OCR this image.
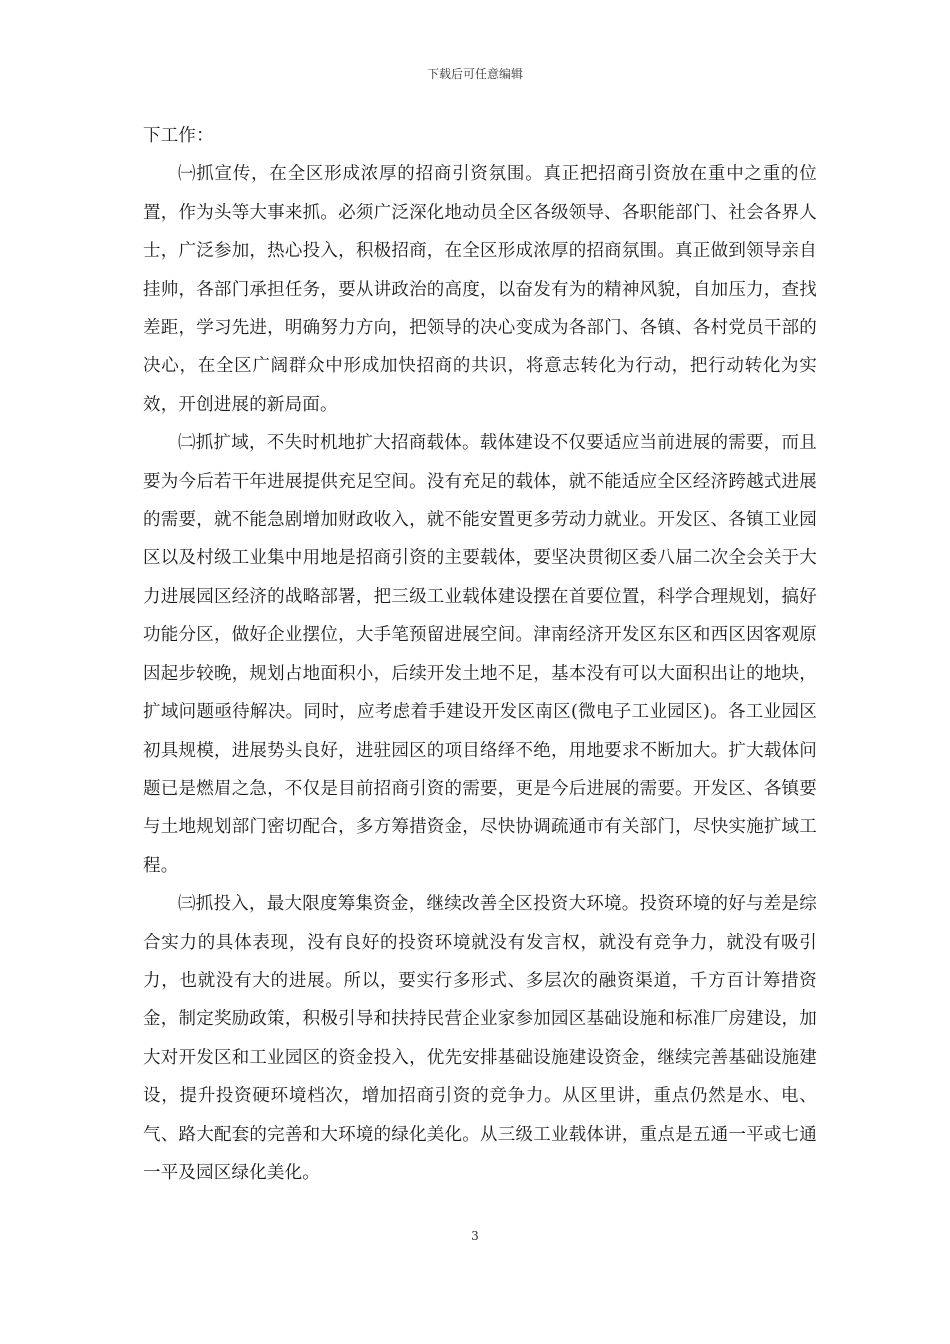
下载后可任意编辑

下工作：

㈠抓宣传，在全区形成浓厚的招商引资氛围。真正把招商引资放在重中之重的位置，作为头等大事来抓。必须广泛深化地动员全区各级领导、各职能部门、社会各界人士，广泛参加，热心投入，积极招商，在全区形成浓厚的招商氛围。真正做到领导亲自挂帅，各部门承担任务，要从讲政治的高度，以奋发有为的精神风貌，自加压力，查找差距，学习先进，明确努力方向，把领导的决心变成为各部门、各镇、各村党员干部的决心，在全区广阔群众中形成加快招商的共识，将意志转化为行动，把行动转化为实效，开创进展的新局面。

㈡抓扩域，不失时机地扩大招商载体。载体建设不仅要适应当前进展的需要，而且要为今后若干年进展提供充足空间。没有充足的载体，就不能适应全区经济跨越式进展的需要，就不能急剧增加财政收入，就不能安置更多劳动力就业。开发区、各镇工业园区以及村级工业集中用地是招商引资的主要载体，要坚决贯彻区委八届二次全会关于大力进展园区经济的战略部署，把三级工业载体建设摆在首要位置，科学合理规划，搞好功能分区，做好企业摆位，大手笔预留进展空间。津南经济开发区东区和西区因客观原因起步较晚，规划占地面积小，后续开发土地不足，基本没有可以大面积出让的地块，扩域问题亟待解决。同时，应考虑着手建设开发区南区(微电子工业园区)。各工业园区初具规模，进展势头良好，进驻园区的项目络绎不绝，用地要求不断加大。扩大载体问题已是燃眉之急，不仅是目前招商引资的需要，更是今后进展的需要。开发区、各镇要与土地规划部门密切配合，多方筹措资金，尽快协调疏通市有关部门，尽快实施扩域工程。

㈢抓投入，最大限度筹集资金，继续改善全区投资大环境。投资环境的好与差是综合实力的具体表现，没有良好的投资环境就没有发言权，就没有竞争力，就没有吸引力，也就没有大的进展。所以，要实行多形式、多层次的融资渠道，千方百计筹措资金，制定奖励政策，积极引导和扶持民营企业家参加园区基础设施和标准厂房建设，加大对开发区和工业园区的资金投入，优先安排基础设施建设资金，继续完善基础设施建设，提升投资硬环境档次，增加招商引资的竞争力。从区里讲，重点仍然是水、电、气、路大配套的完善和大环境的绿化美化。从三级工业载体讲，重点是五通一平或七通一平及园区绿化美化。

3
